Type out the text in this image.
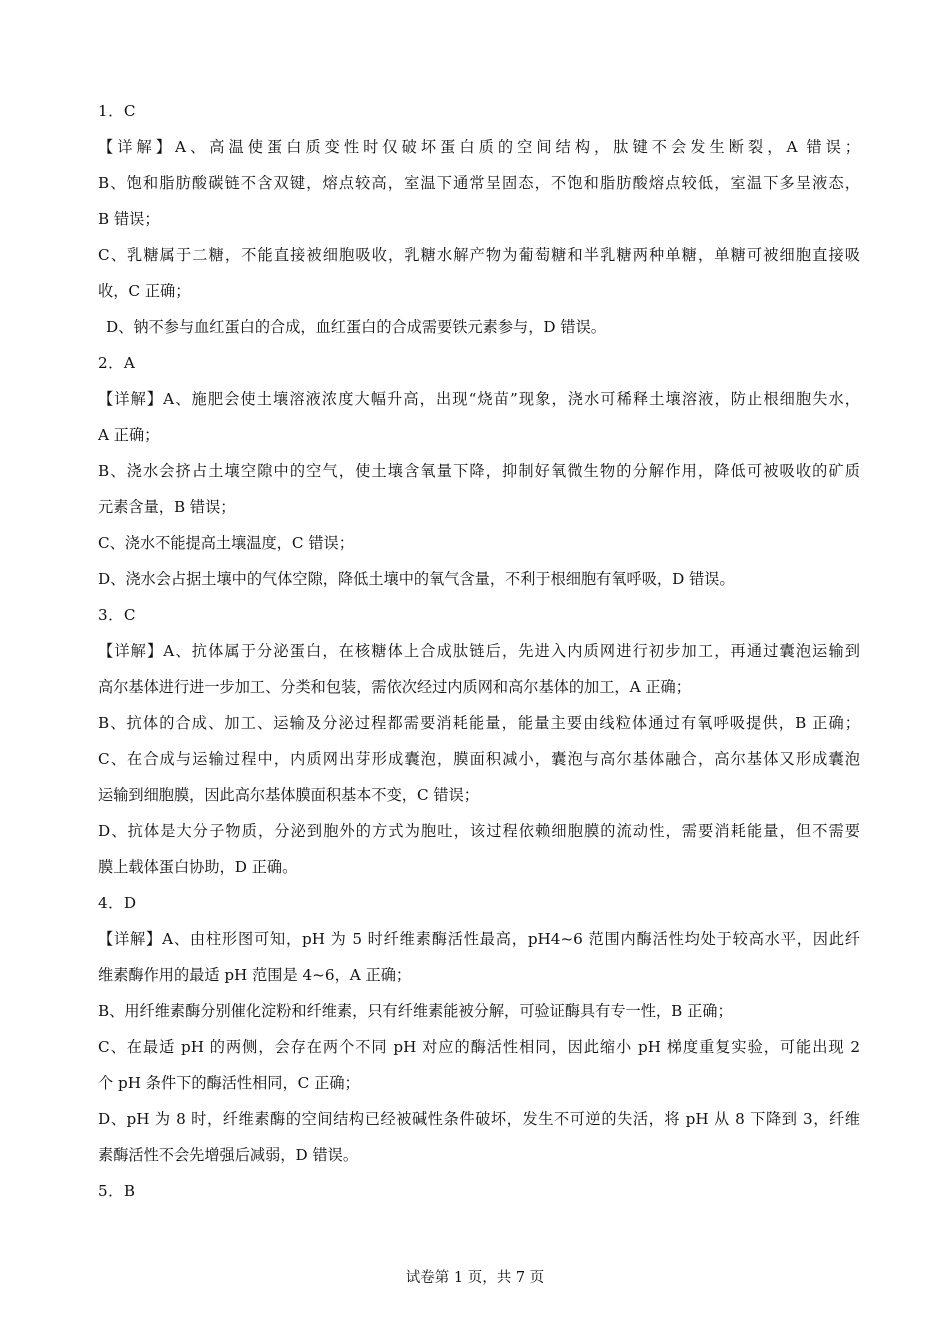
1．C
【详解】A、高温使蛋白质变性时仅破坏蛋白质的空间结构，肽键不会发生断裂，A 错误；
B、饱和脂肪酸碳链不含双键，熔点较高，室温下通常呈固态，不饱和脂肪酸熔点较低，室温下多呈液态，
B 错误；
C、乳糖属于二糖，不能直接被细胞吸收，乳糖水解产物为葡萄糖和半乳糖两种单糖，单糖可被细胞直接吸
收，C 正确；
D、钠不参与血红蛋白的合成，血红蛋白的合成需要铁元素参与，D 错误。
2．A
【详解】A、施肥会使土壤溶液浓度大幅升高，出现“烧苗”现象，浇水可稀释土壤溶液，防止根细胞失水，
A 正确；
B、浇水会挤占土壤空隙中的空气，使土壤含氧量下降，抑制好氧微生物的分解作用，降低可被吸收的矿质
元素含量，B 错误；
C、浇水不能提高土壤温度，C 错误；
D、浇水会占据土壤中的气体空隙，降低土壤中的氧气含量，不利于根细胞有氧呼吸，D 错误。
3．C
【详解】A、抗体属于分泌蛋白，在核糖体上合成肽链后，先进入内质网进行初步加工，再通过囊泡运输到
高尔基体进行进一步加工、分类和包装，需依次经过内质网和高尔基体的加工，A 正确；
B、抗体的合成、加工、运输及分泌过程都需要消耗能量，能量主要由线粒体通过有氧呼吸提供，B 正确；
C、在合成与运输过程中，内质网出芽形成囊泡，膜面积减小，囊泡与高尔基体融合，高尔基体又形成囊泡
运输到细胞膜，因此高尔基体膜面积基本不变，C 错误；
D、抗体是大分子物质，分泌到胞外的方式为胞吐，该过程依赖细胞膜的流动性，需要消耗能量，但不需要
膜上载体蛋白协助，D 正确。
4．D
【详解】A、由柱形图可知，pH 为 5 时纤维素酶活性最高，pH4~6 范围内酶活性均处于较高水平，因此纤
维素酶作用的最适 pH 范围是 4~6，A 正确；
B、用纤维素酶分别催化淀粉和纤维素，只有纤维素能被分解，可验证酶具有专一性，B 正确；
C、在最适 pH 的两侧，会存在两个不同 pH 对应的酶活性相同，因此缩小 pH 梯度重复实验，可能出现 2
个 pH 条件下的酶活性相同，C 正确；
D、pH 为 8 时，纤维素酶的空间结构已经被碱性条件破坏，发生不可逆的失活，将 pH 从 8 下降到 3，纤维
素酶活性不会先增强后减弱，D 错误。
5．B
试卷第 1 页，共 7 页
